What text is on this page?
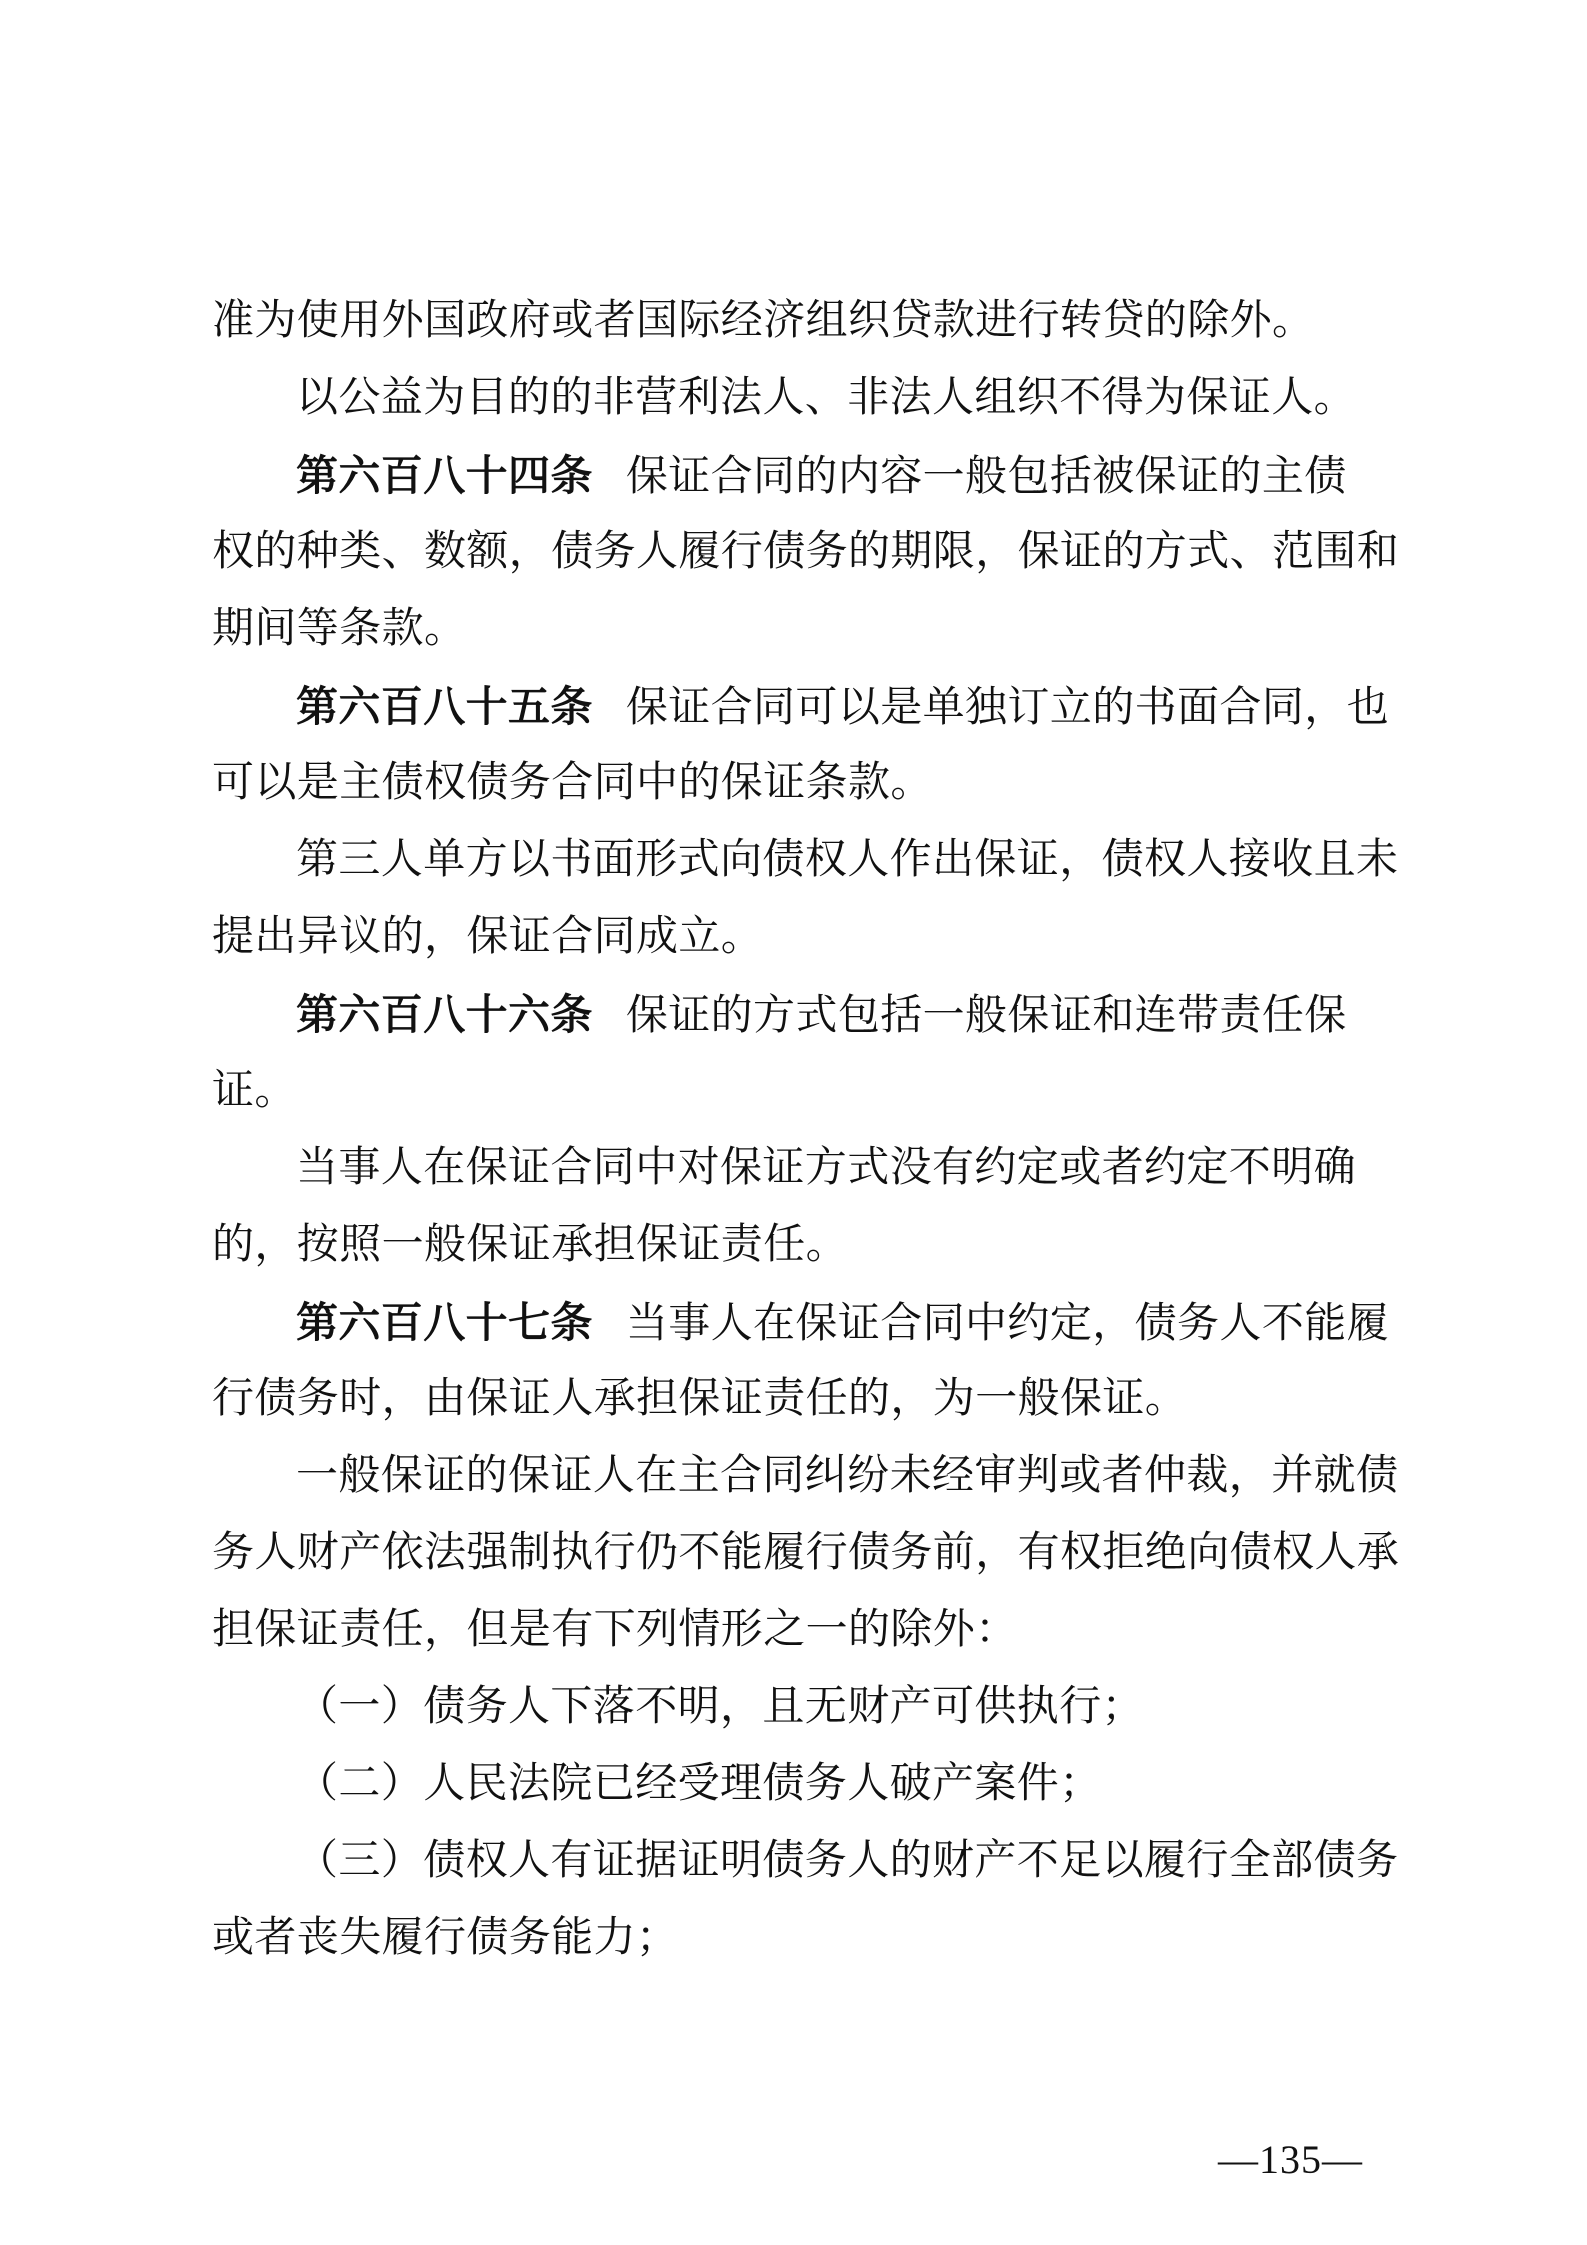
准为使用外国政府或者国际经济组织贷款进行转贷的除外。
以公益为目的的非营利法人、非法人组织不得为保证人。
第六百八十四条 保证合同的内容一般包括被保证的主债
权的种类、数额，债务人履行债务的期限，保证的方式、范围和
期间等条款。
第六百八十五条 保证合同可以是单独订立的书面合同，也
可以是主债权债务合同中的保证条款。
第三人单方以书面形式向债权人作出保证，债权人接收且未
提出异议的，保证合同成立。
第六百八十六条 保证的方式包括一般保证和连带责任保
证。
当事人在保证合同中对保证方式没有约定或者约定不明确
的，按照一般保证承担保证责任。
第六百八十七条 当事人在保证合同中约定，债务人不能履
行债务时，由保证人承担保证责任的，为一般保证。
一般保证的保证人在主合同纠纷未经审判或者仲裁，并就债
务人财产依法强制执行仍不能履行债务前，有权拒绝向债权人承
担保证责任，但是有下列情形之一的除外：
（一）债务人下落不明，且无财产可供执行；
（二）人民法院已经受理债务人破产案件；
（三）债权人有证据证明债务人的财产不足以履行全部债务
或者丧失履行债务能力；
—135—
